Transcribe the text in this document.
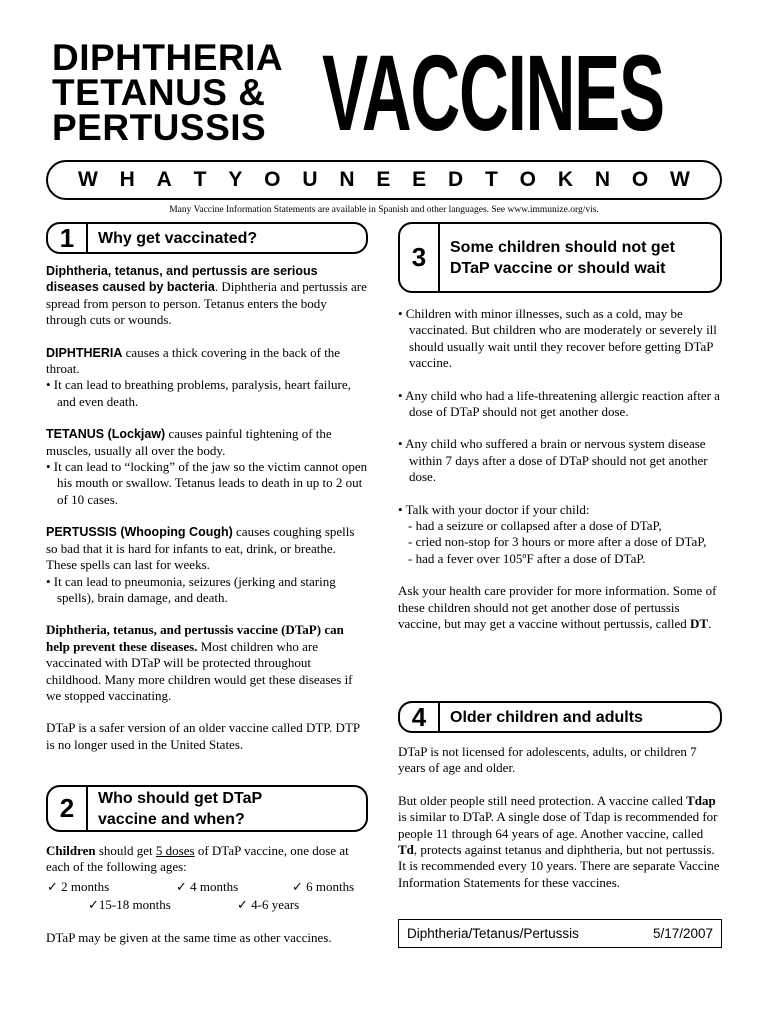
DIPHTHERIA
TETANUS &
PERTUSSIS VACCINES
W H A T Y O U N E E D T O K N O W
Many Vaccine Information Statements are available in Spanish and other languages. See www.immunize.org/vis.
1	Why get vaccinated?

Diphtheria, tetanus, and pertussis are serious diseases caused by bacteria. Diphtheria and pertussis are spread from person to person. Tetanus enters the body through cuts or wounds.

DIPHTHERIA causes a thick covering in the back of the throat.

• It can lead to breathing problems, paralysis, heart failure, and even death.

TETANUS (Lockjaw) causes painful tightening of the muscles, usually all over the body.

• It can lead to “locking” of the jaw so the victim cannot open his mouth or swallow. Tetanus leads to death in up to 2 out of 10 cases.

PERTUSSIS (Whooping Cough) causes coughing spells so bad that it is hard for infants to eat, drink, or breathe. These spells can last for weeks.

• It can lead to pneumonia, seizures (jerking and staring spells), brain damage, and death.

Diphtheria, tetanus, and pertussis vaccine (DTaP) can help prevent these diseases. Most children who are vaccinated with DTaP will be protected throughout childhood. Many more children would get these diseases if we stopped vaccinating.

DTaP is a safer version of an older vaccine called DTP. DTP is no longer used in the United States.

2	Who should get DTaP vaccine and when?
Children should get 5 doses of DTaP vaccine, one dose at each of the following ages:
✓ 2 months	✓ 4 months	✓ 6 months
✓15-18 months	✓ 4-6 years
DTaP may be given at the same time as other vaccines.
3	Some children should not get DTaP vaccine or should wait

• Children with minor illnesses, such as a cold, may be vaccinated. But children who are moderately or severely ill should usually wait until they recover before getting DTaP vaccine.

• Any child who had a life-threatening allergic reaction after a dose of DTaP should not get another dose.

• Any child who suffered a brain or nervous system disease within 7 days after a dose of DTaP should not get another dose.

• Talk with your doctor if your child:
- had a seizure or collapsed after a dose of DTaP,
- cried non-stop for 3 hours or more after a dose of DTaP,
- had a fever over 105ºF after a dose of DTaP.

Ask your health care provider for more information. Some of these children should not get another dose of pertussis vaccine, but may get a vaccine without pertussis, called DT.

4	Older children and adults

DTaP is not licensed for adolescents, adults, or children 7 years of age and older.

But older people still need protection. A vaccine called Tdap is similar to DTaP. A single dose of Tdap is recommended for people 11 through 64 years of age. Another vaccine, called Td, protects against tetanus and diphtheria, but not pertussis. It is recommended every 10 years. There are separate Vaccine Information Statements for these vaccines.

Diphtheria/Tetanus/Pertussis	5/17/2007
